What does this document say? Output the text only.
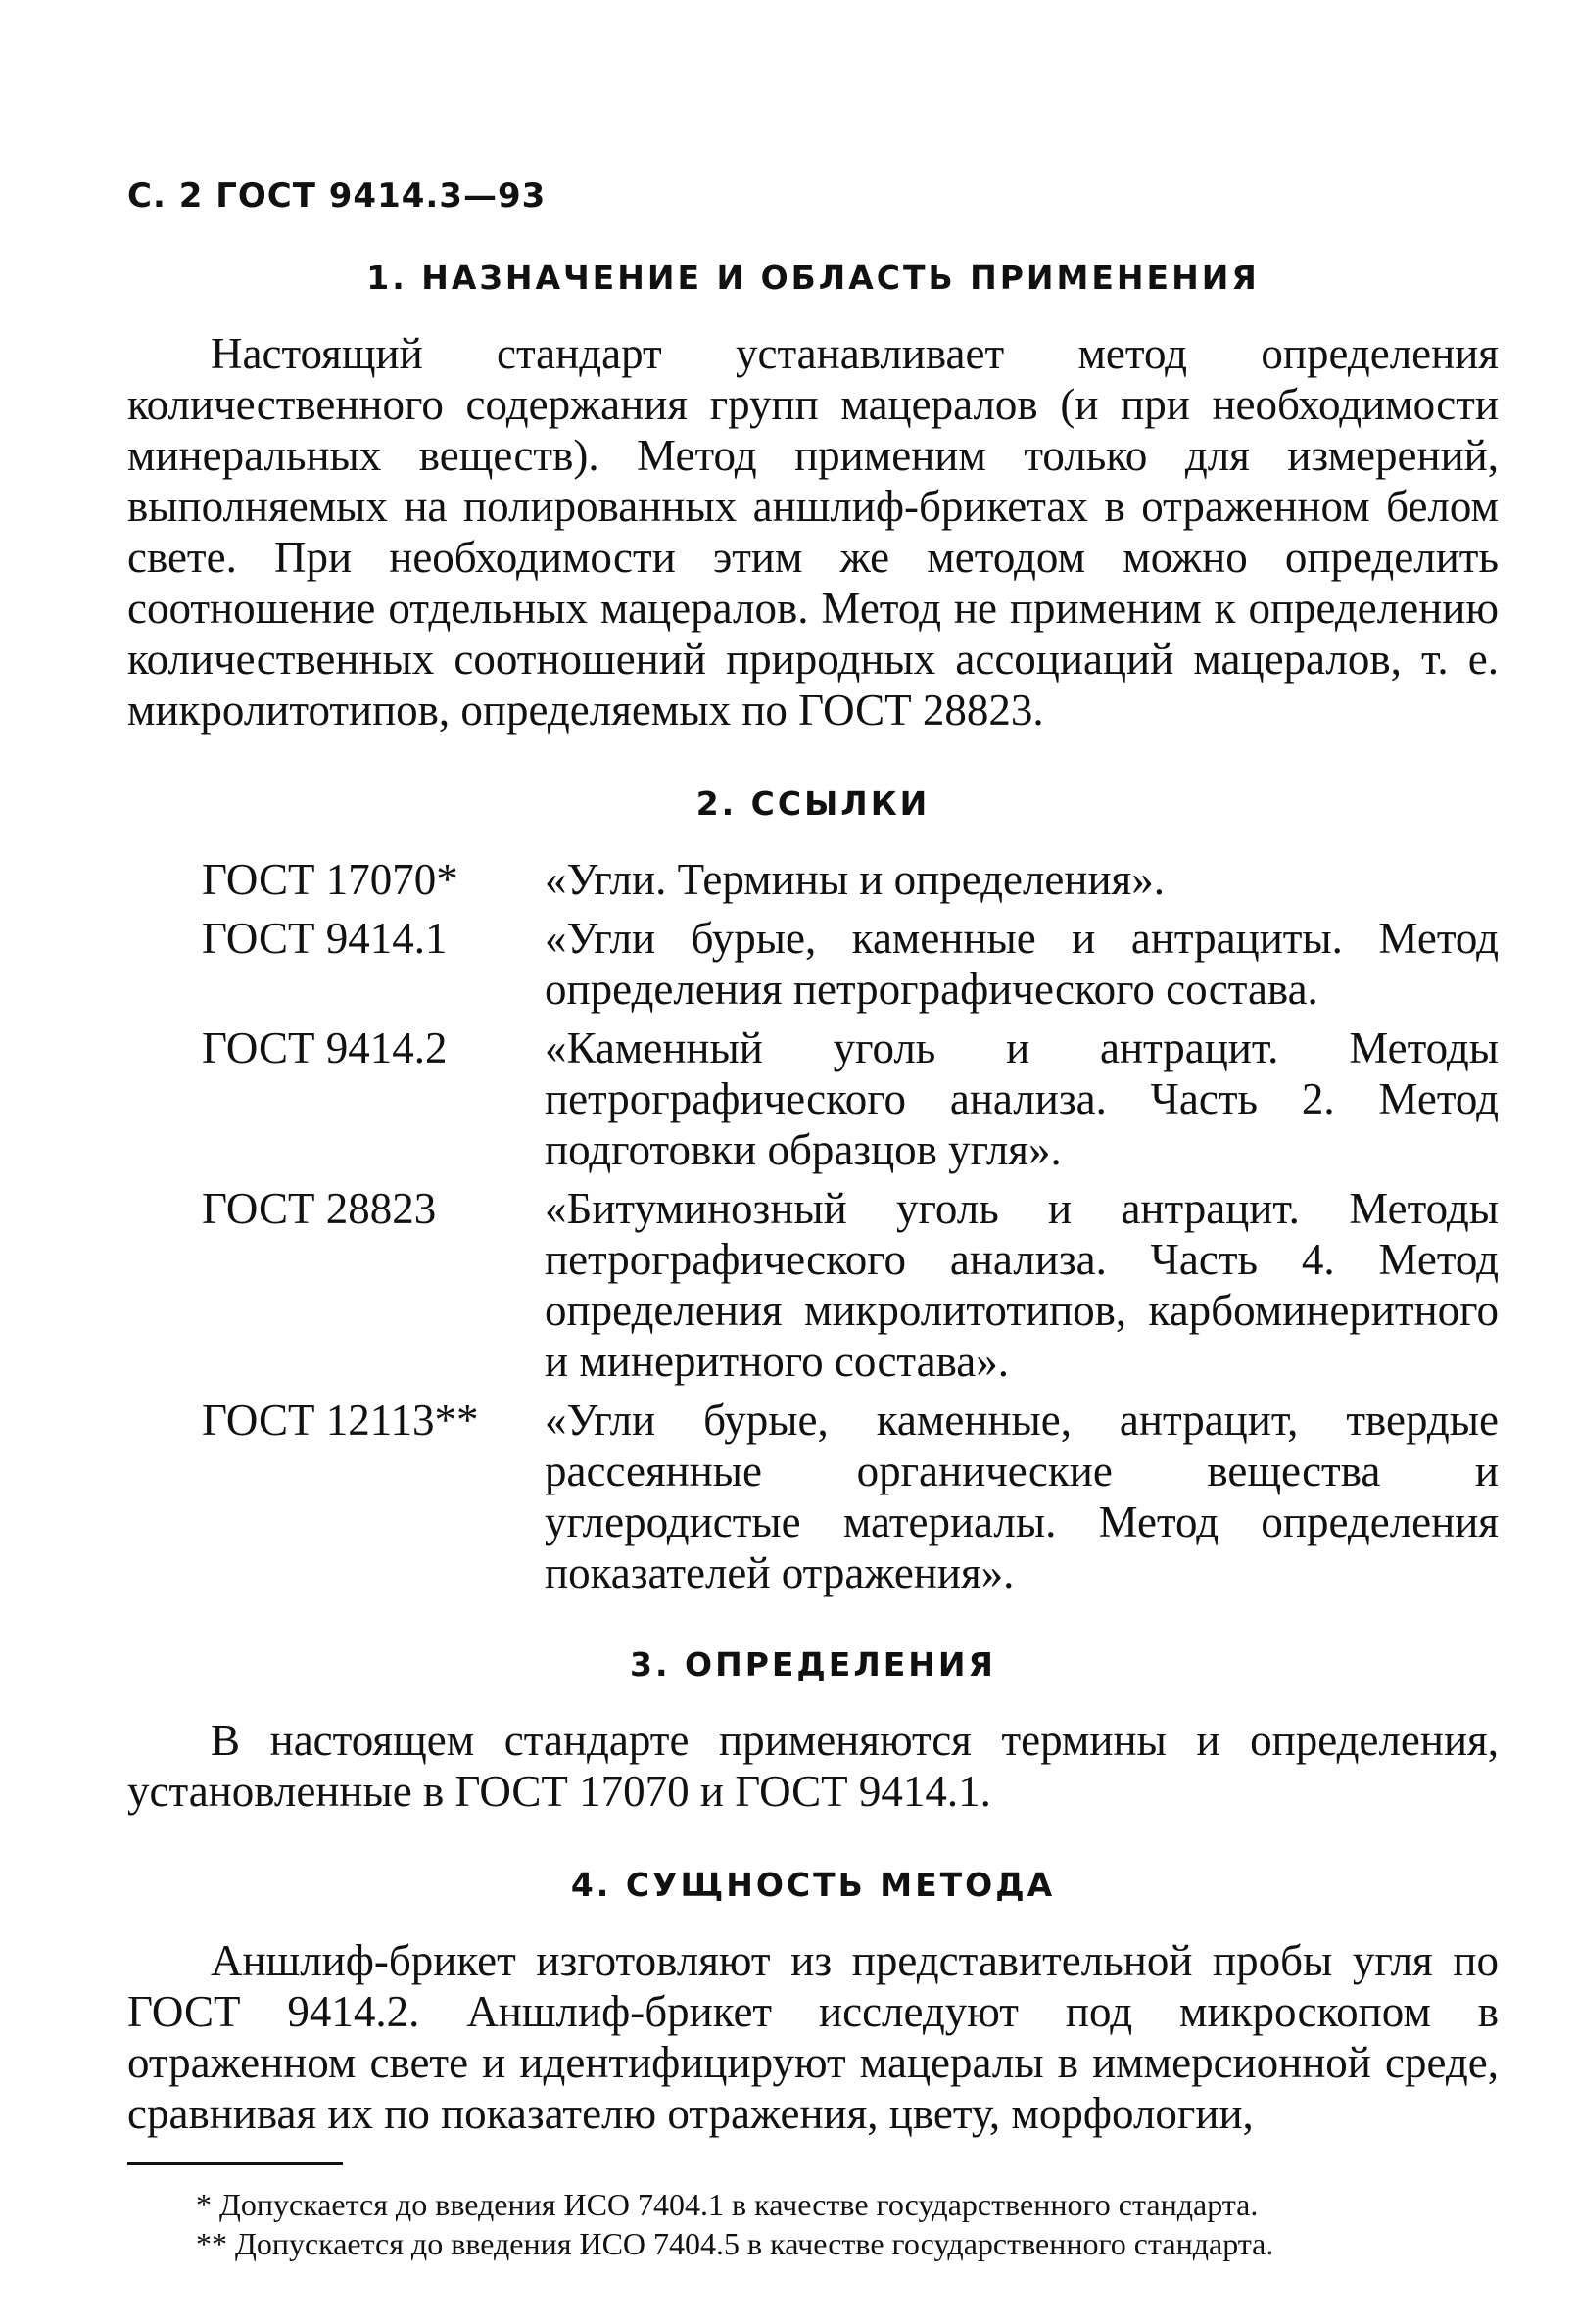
С. 2 ГОСТ 9414.3—93
1. НАЗНАЧЕНИЕ И ОБЛАСТЬ ПРИМЕНЕНИЯ

Настоящий стандарт устанавливает метод определения количественного содержания групп мацералов (и при необходимости минеральных веществ). Метод применим только для измерений, выполняемых на полированных аншлиф-брикетах в отраженном белом свете. При необходимости этим же методом можно определить соотношение отдельных мацералов. Метод не применим к определению количественных соотношений природных ассоциаций мацералов, т. е. микролитотипов, определяемых по ГОСТ 28823.

2. ССЫЛКИ
ГОСТ 17070*	«Угли. Термины и определения».
ГОСТ 9414.1	«Угли бурые, каменные и антрациты. Метод определения петрографического состава.
ГОСТ 9414.2	«Каменный уголь и антрацит. Методы петрографического анализа. Часть 2. Метод подготовки образцов угля».
ГОСТ 28823	«Битуминозный уголь и антрацит. Методы петрографического анализа. Часть 4. Метод определения микролитотипов, карбоминеритного и минеритного состава».
ГОСТ 12113**	«Угли бурые, каменные, антрацит, твердые рассеянные органические вещества и углеродистые материалы. Метод определения показателей отражения».
3. ОПРЕДЕЛЕНИЯ

В настоящем стандарте применяются термины и определения, установленные в ГОСТ 17070 и ГОСТ 9414.1.

4. СУЩНОСТЬ МЕТОДА

Аншлиф-брикет изготовляют из представительной пробы угля по ГОСТ 9414.2. Аншлиф-брикет исследуют под микроскопом в отраженном свете и идентифицируют мацералы в иммерсионной среде, сравнивая их по показателю отражения, цвету, морфологии,

* Допускается до введения ИСО 7404.1 в качестве государственного стандарта.

** Допускается до введения ИСО 7404.5 в качестве государственного стандарта.
